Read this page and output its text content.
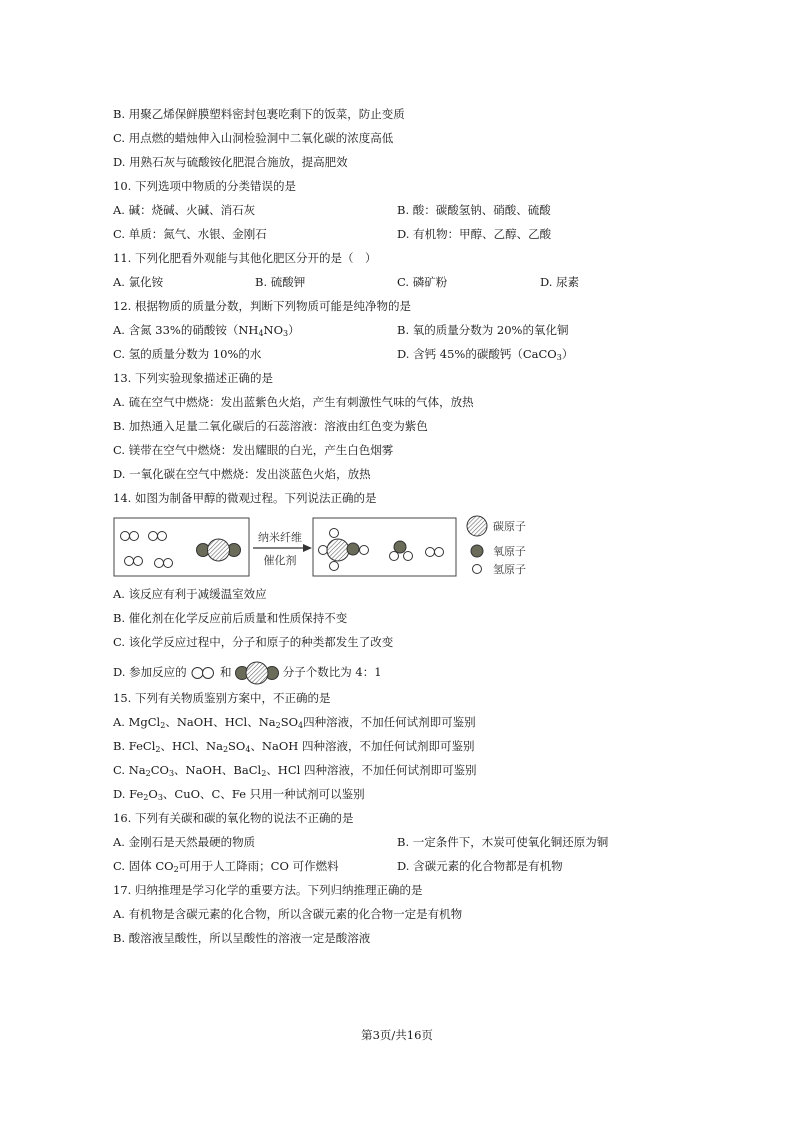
B. 用聚乙烯保鲜膜塑料密封包裹吃剩下的饭菜，防止变质
C. 用点燃的蜡烛伸入山洞检验洞中二氧化碳的浓度高低
D. 用熟石灰与硫酸铵化肥混合施放，提高肥效
10. 下列选项中物质的分类错误的是
A. 碱：烧碱、火碱、消石灰	B. 酸：碳酸氢钠、硝酸、硫酸
C. 单质：氮气、水银、金刚石	D. 有机物：甲醇、乙醇、乙酸
11. 下列化肥看外观能与其他化肥区分开的是（　）
A. 氯化铵	B. 硫酸钾	C. 磷矿粉	D. 尿素
12. 根据物质的质量分数，判断下列物质可能是纯净物的是
A. 含氮 33%的硝酸铵$(NH_4NO_3)$	B. 氧的质量分数为 20%的氧化铜
C. 氢的质量分数为 10%的水	D. 含钙 45%的碳酸钙（CaCO$_3$）
13. 下列实验现象描述正确的是
A. 硫在空气中燃烧：发出蓝紫色火焰，产生有刺激性气味的气体，放热
B. 加热通入足量二氧化碳后的石蕊溶液：溶液由红色变为紫色
C. 镁带在空气中燃烧：发出耀眼的白光，产生白色烟雾
D. 一氧化碳在空气中燃烧：发出淡蓝色火焰，放热
14. 如图为制备甲醇的微观过程。下列说法正确的是
纳米纤维
催化剂
碳原子
氧原子
氢原子
A. 该反应有利于减缓温室效应
B. 催化剂在化学反应前后质量和性质保持不变
C. 该化学反应过程中，分子和原子的种类都发生了改变
D. 参加反应的	和	分子个数比为 4：1
15. 下列有关物质鉴别方案中，不正确的是
A. MgCl$_2$、NaOH、HCl、$Na_2SO_4$四种溶液，不加任何试剂即可鉴别
B. FeCl$_2$、HCl、$Na_2SO_4$、NaOH 四种溶液，不加任何试剂即可鉴别
C. $Na_2CO_3$、NaOH、BaCl$_2$、HCl 四种溶液，不加任何试剂即可鉴别
D. $Fe_2O_3$、CuO、C、Fe 只用一种试剂可以鉴别
16. 下列有关碳和碳的氧化物的说法不正确的是
A. 金刚石是天然最硬的物质	B. 一定条件下，木炭可使氧化铜还原为铜
C. 固体 $CO_2$可用于人工降雨；CO 可作燃料	D. 含碳元素的化合物都是有机物
17. 归纳推理是学习化学的重要方法。下列归纳推理正确的是
A. 有机物是含碳元素的化合物，所以含碳元素的化合物一定是有机物
B. 酸溶液呈酸性，所以呈酸性的溶液一定是酸溶液
第3页/共16页
